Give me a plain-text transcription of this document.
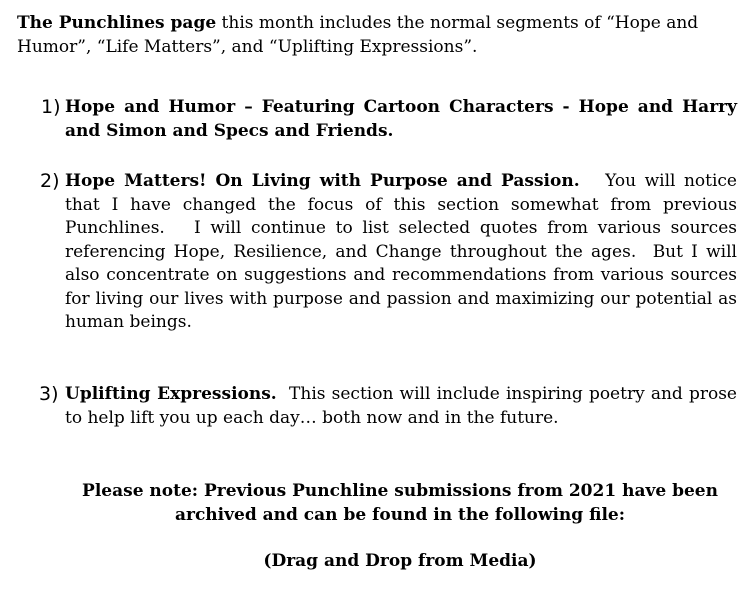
The Punchlines page this month includes the normal segments of “Hope and Humor”, “Life Matters”, and “Uplifting Expressions”.

1) Hope and Humor – Featuring Cartoon Characters - Hope and Harry and Simon and Specs and Friends.

2) Hope Matters! On Living with Purpose and Passion.   You will notice that I have changed the focus of this section somewhat from previous Punchlines.   I will continue to list selected quotes from various sources referencing Hope, Resilience, and Change throughout the ages.  But I will also concentrate on suggestions and recommendations from various sources for living our lives with purpose and passion and maximizing our potential as human beings.

3) Uplifting Expressions.  This section will include inspiring poetry and prose to help lift you up each day… both now and in the future.

Please note: Previous Punchline submissions from 2021 have been archived and can be found in the following file:

(Drag and Drop from Media)
